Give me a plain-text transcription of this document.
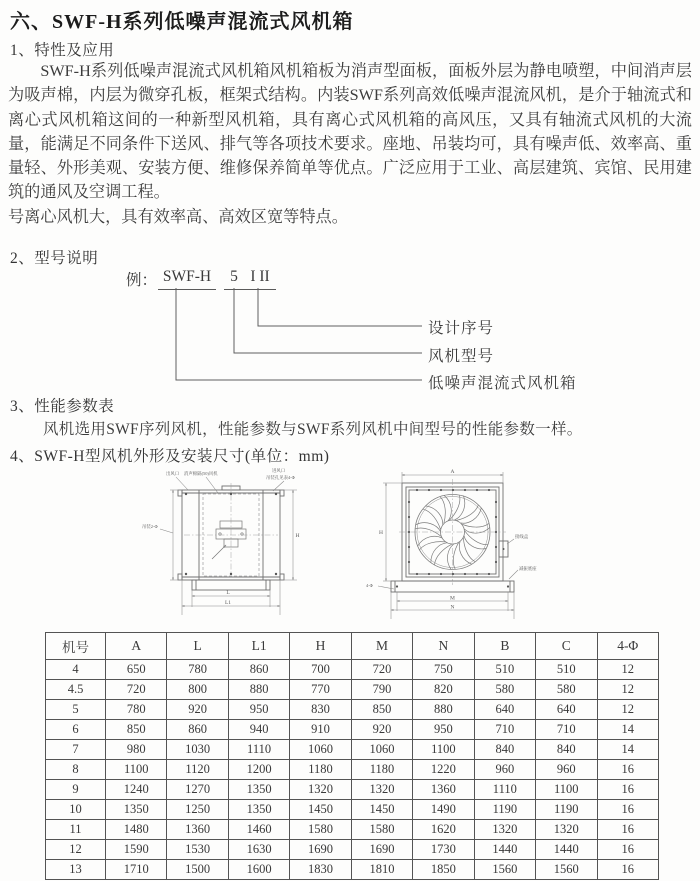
六、SWF-H系列低噪声混流式风机箱
1、特性及应用

SWF-H系列低噪声混流式风机箱风机箱板为消声型面板，面板外层为静电喷塑，中间消声层为吸声棉，内层为微穿孔板，框架式结构。内装SWF系列高效低噪声混流风机，是介于轴流式和离心式风机箱这间的一种新型风机箱，具有离心式风机箱的高风压，又具有轴流式风机的大流量，能满足不同条件下送风、排气等各项技术要求。座地、吊装均可，具有噪声低、效率高、重量轻、外形美观、安装方便、维修保养简单等优点。广泛应用于工业、高层建筑、宾馆、民用建筑的通风及空调工程。

号离心风机大，具有效率高、高效区宽等特点。

2、型号说明
例： SWF-H	5 I II
设计序号
风机型号
低噪声混流式风机箱
3、性能参数表
风机选用SWF序列风机，性能参数与SWF系列风机中间型号的性能参数一样。
4、SWF-H型风机外形及安装尺寸(单位：mm)
出风口 消声棉隔(50)风机
进风口
吊装孔见表4-Φ
吊装2-Φ
H
L
L1
接线盒
减振底座
4-Φ
A
H
M
N
机号	A	L	L1	H	M	N	B	C	4-Φ
4	650	780	860	700	720	750	510	510	12
4.5	720	800	880	770	790	820	580	580	12
5	780	920	950	830	850	880	640	640	12
6	850	860	940	910	920	950	710	710	14
7	980	1030	1110	1060	1060	1100	840	840	14
8	1100	1120	1200	1180	1180	1220	960	960	16
9	1240	1270	1350	1320	1320	1360	1110	1100	16
10	1350	1250	1350	1450	1450	1490	1190	1190	16
11	1480	1360	1460	1580	1580	1620	1320	1320	16
12	1590	1530	1630	1690	1690	1730	1440	1440	16
13	1710	1500	1600	1830	1810	1850	1560	1560	16
